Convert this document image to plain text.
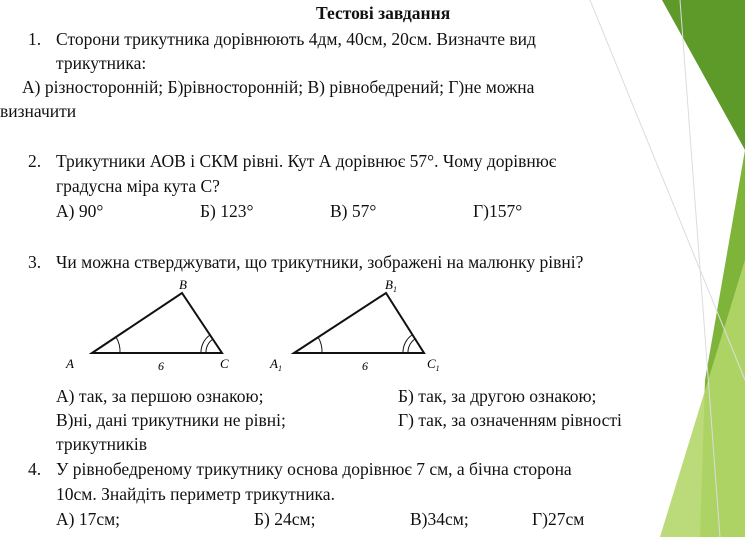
Тестові завдання
1. Сторони трикутника дорівнюють 4дм, 40см, 20см. Визначте вид
трикутника:
А) різносторонній; Б)рівносторонній; В) рівнобедрений; Г)не можна
визначити
2. Трикутники АОВ і СКМ рівні. Кут А дорівнює 57°. Чому дорівнює
градусна міра кута С?
А) 90°	Б) 123°	В) 57°	Г)157°
3. Чи можна стверджувати, що трикутники, зображені на малюнку рівні?
A
B
C
6	$A_1$
$B_1$
$C_1$
6
А) так, за першою ознакою;	Б) так, за другою ознакою;
В)ні, дані трикутники не рівні;	Г) так, за означенням рівності
трикутників
4. У рівнобедреному трикутнику основа дорівнює 7 см, а бічна сторона
10см. Знайдіть периметр трикутника.
А) 17см;	Б) 24см;	В)34см;	Г)27см
